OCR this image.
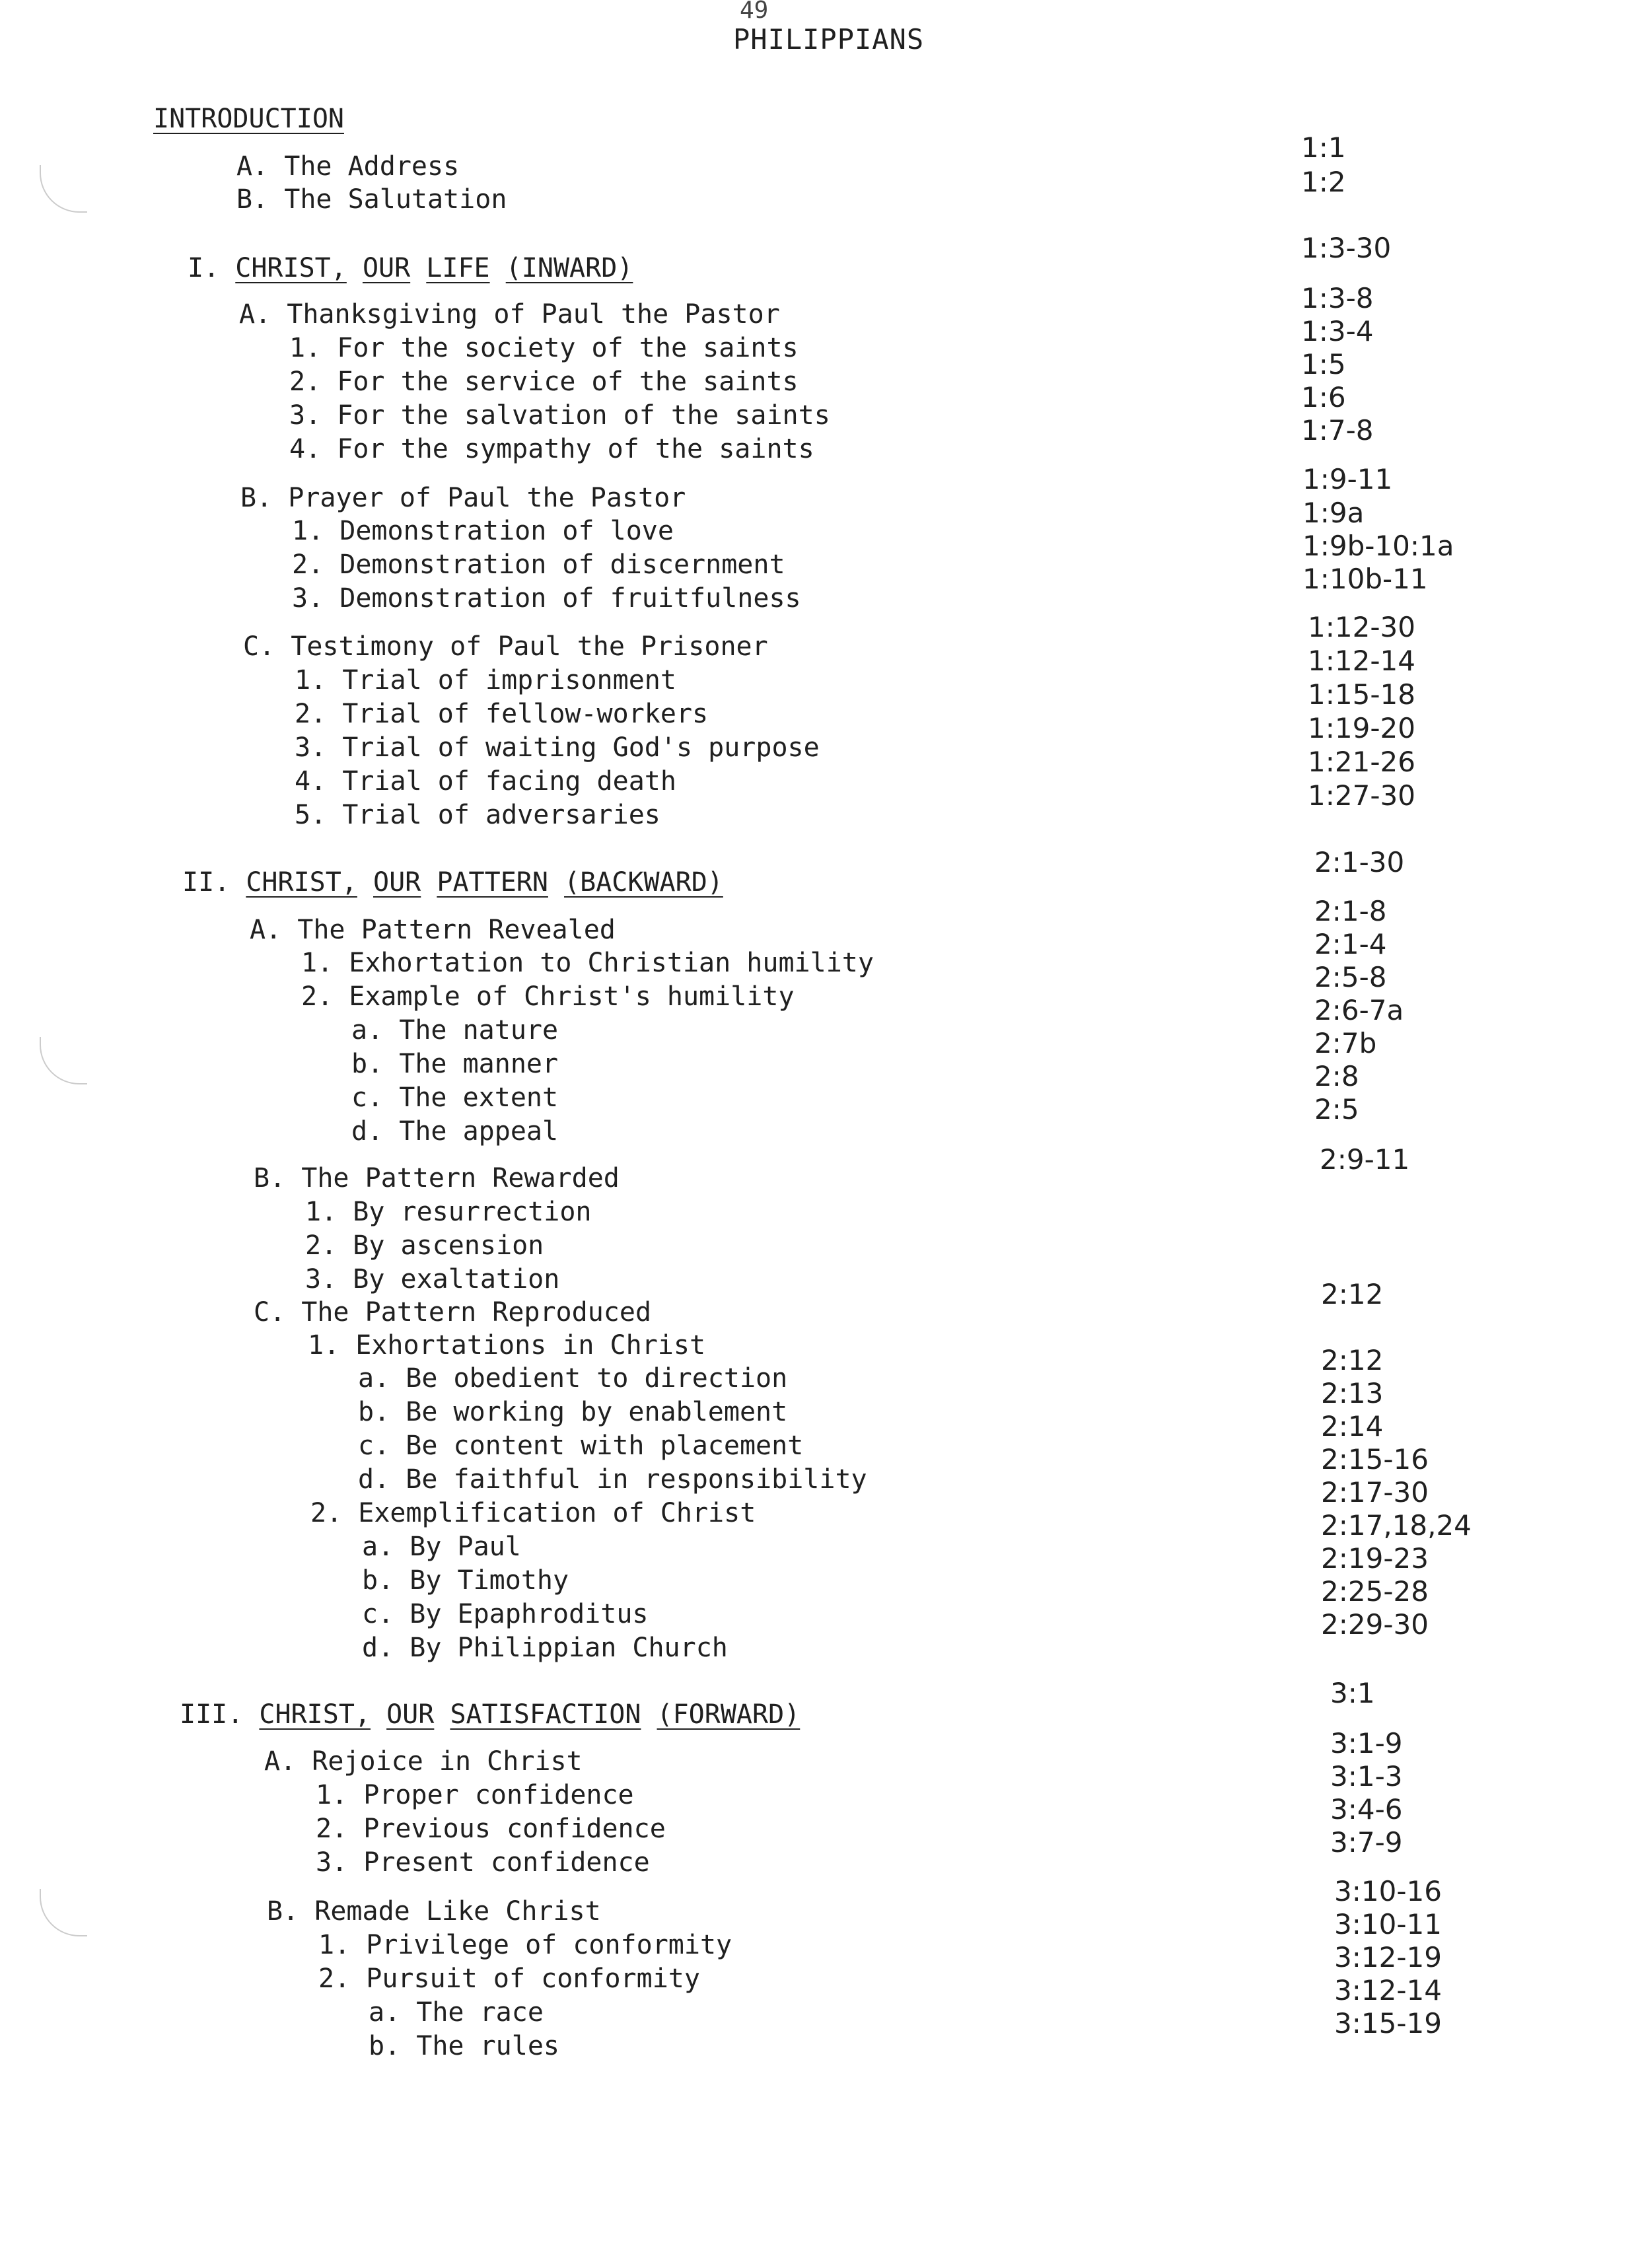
49
PHILIPPIANS
INTRODUCTION
A. The Address
B. The Salutation
1:1
1:2
I. CHRIST, OUR LIFE (INWARD)
1:3-30
A. Thanksgiving of Paul the Pastor
1. For the society of the saints
2. For the service of the saints
3. For the salvation of the saints
4. For the sympathy of the saints
1:3-8
1:3-4
1:5
1:6
1:7-8
B. Prayer of Paul the Pastor
1. Demonstration of love
2. Demonstration of discernment
3. Demonstration of fruitfulness
1:9-11
1:9a
1:9b-10:1a
1:10b-11
C. Testimony of Paul the Prisoner
1. Trial of imprisonment
2. Trial of fellow-workers
3. Trial of waiting God's purpose
4. Trial of facing death
5. Trial of adversaries
1:12-30
1:12-14
1:15-18
1:19-20
1:21-26
1:27-30
II. CHRIST, OUR PATTERN (BACKWARD)
2:1-30
A. The Pattern Revealed
1. Exhortation to Christian humility
2. Example of Christ's humility
a. The nature
b. The manner
c. The extent
d. The appeal
2:1-8
2:1-4
2:5-8
2:6-7a
2:7b
2:8
2:5
B. The Pattern Rewarded
1. By resurrection
2. By ascension
3. By exaltation
2:9-11
C. The Pattern Reproduced
1. Exhortations in Christ
a. Be obedient to direction
b. Be working by enablement
c. Be content with placement
d. Be faithful in responsibility
2. Exemplification of Christ
a. By Paul
b. By Timothy
c. By Epaphroditus
d. By Philippian Church
2:12
2:12
2:13
2:14
2:15-16
2:17-30
2:17,18,24
2:19-23
2:25-28
2:29-30
III. CHRIST, OUR SATISFACTION (FORWARD)
3:1
A. Rejoice in Christ
1. Proper confidence
2. Previous confidence
3. Present confidence
3:1-9
3:1-3
3:4-6
3:7-9
B. Remade Like Christ
1. Privilege of conformity
2. Pursuit of conformity
a. The race
b. The rules
3:10-16
3:10-11
3:12-19
3:12-14
3:15-19
